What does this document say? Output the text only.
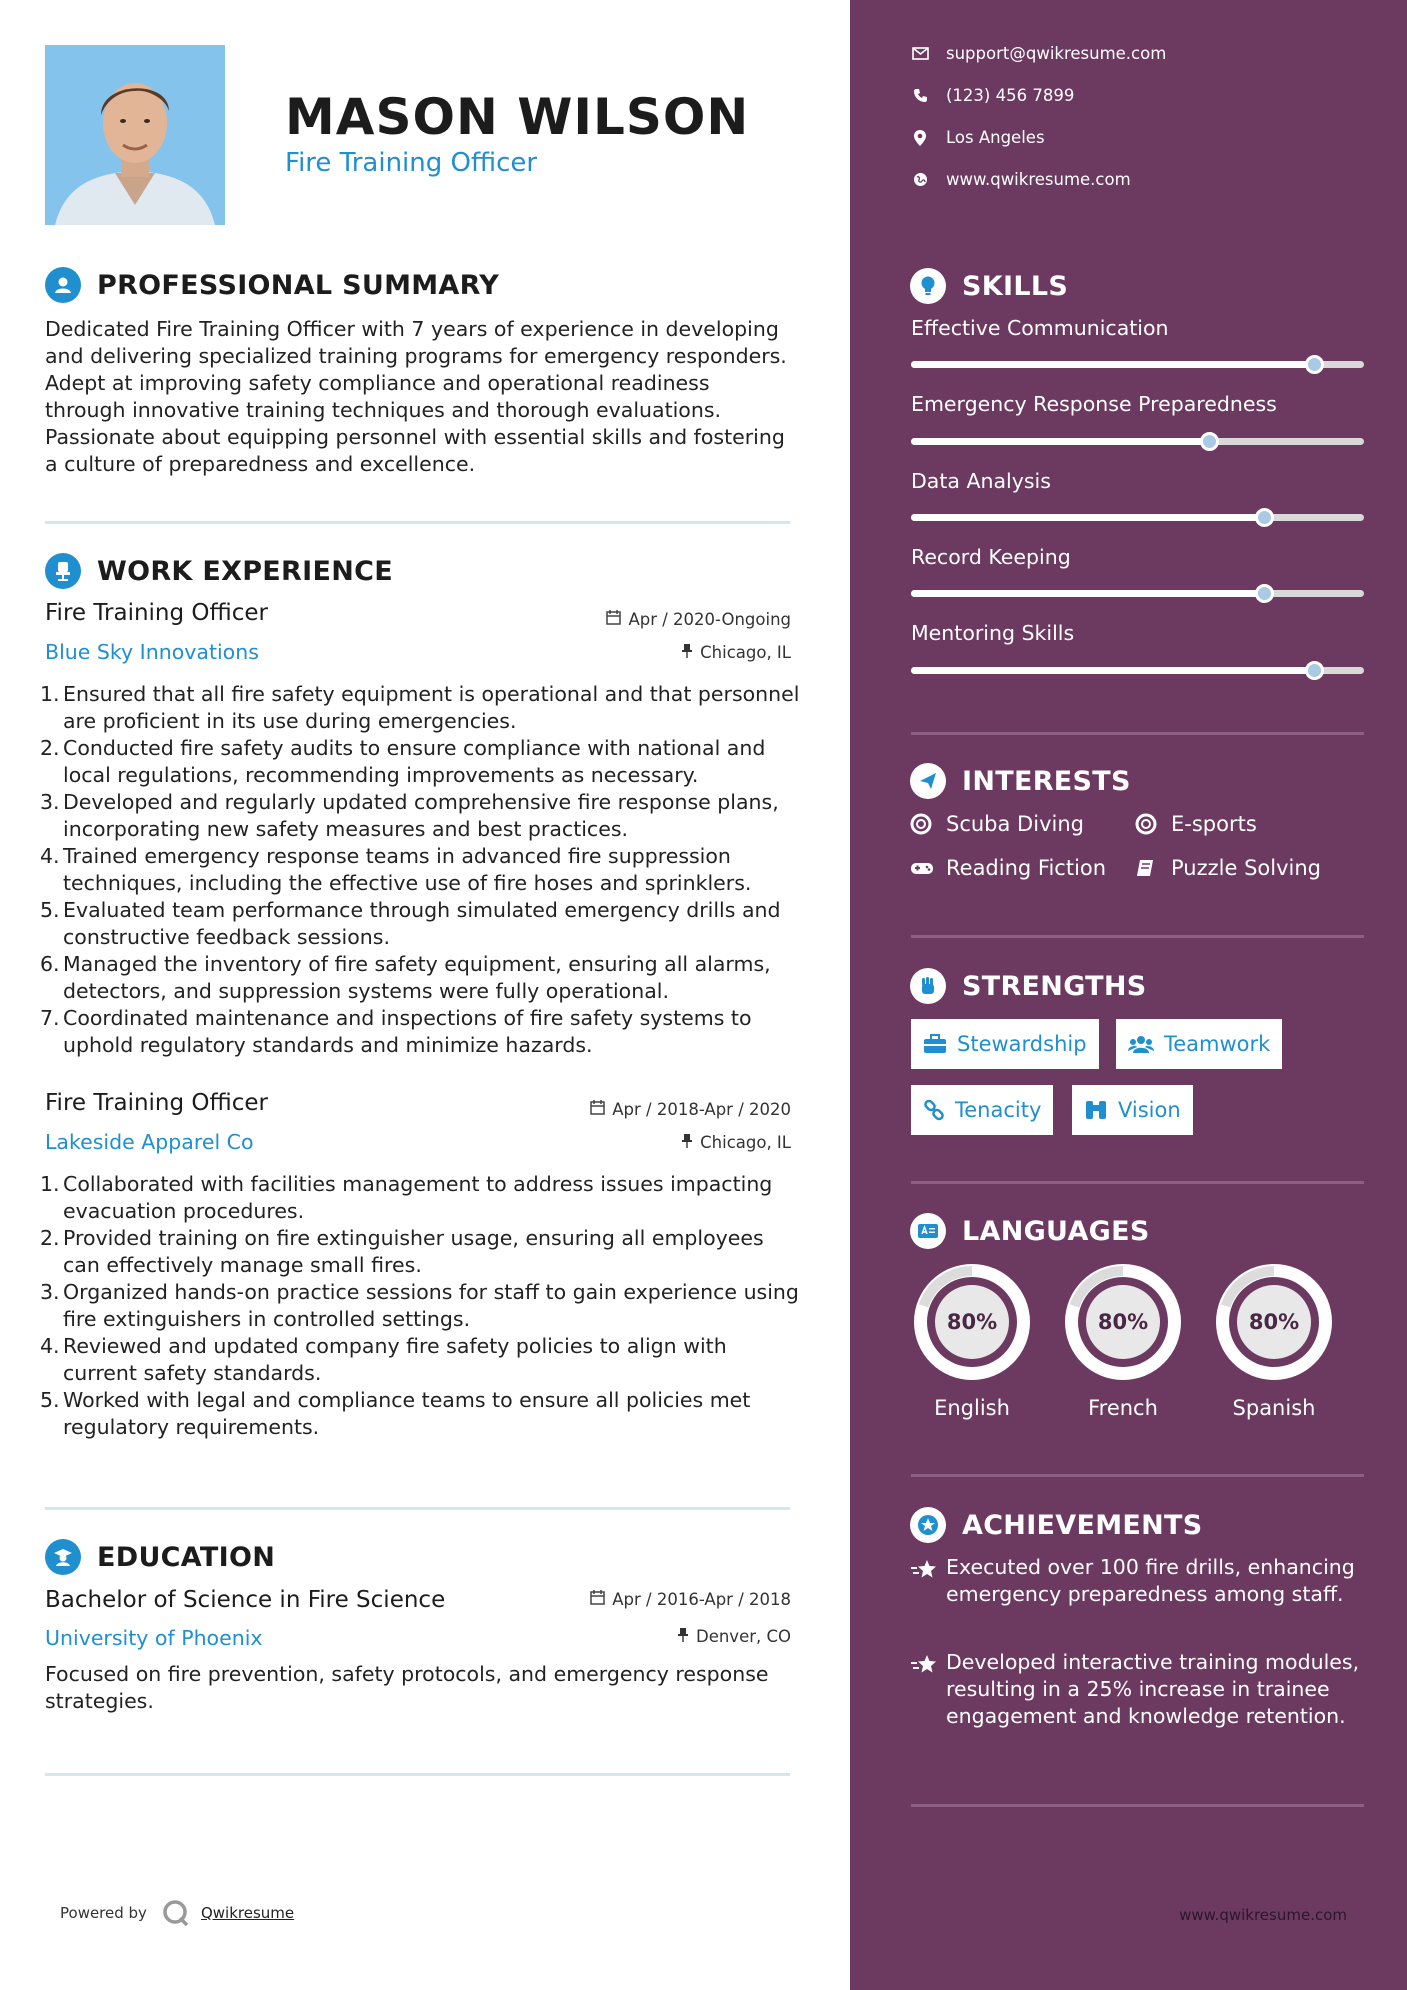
MASON WILSON
Fire Training Officer
PROFESSIONAL SUMMARY
Dedicated Fire Training Officer with 7 years of experience in developing and delivering specialized training programs for emergency responders. Adept at improving safety compliance and operational readiness through innovative training techniques and thorough evaluations. Passionate about equipping personnel with essential skills and fostering a culture of preparedness and excellence.
WORK EXPERIENCE
Fire Training Officer	Apr / 2020-Ongoing
Blue Sky Innovations	Chicago, IL
1. Ensured that all fire safety equipment is operational and that personnel are proficient in its use during emergencies.
2. Conducted fire safety audits to ensure compliance with national and local regulations, recommending improvements as necessary.
3. Developed and regularly updated comprehensive fire response plans, incorporating new safety measures and best practices.
4. Trained emergency response teams in advanced fire suppression techniques, including the effective use of fire hoses and sprinklers.
5. Evaluated team performance through simulated emergency drills and constructive feedback sessions.
6. Managed the inventory of fire safety equipment, ensuring all alarms, detectors, and suppression systems were fully operational.
7. Coordinated maintenance and inspections of fire safety systems to uphold regulatory standards and minimize hazards.
Fire Training Officer	Apr / 2018-Apr / 2020
Lakeside Apparel Co	Chicago, IL
1. Collaborated with facilities management to address issues impacting evacuation procedures.
2. Provided training on fire extinguisher usage, ensuring all employees can effectively manage small fires.
3. Organized hands-on practice sessions for staff to gain experience using fire extinguishers in controlled settings.
4. Reviewed and updated company fire safety policies to align with current safety standards.
5. Worked with legal and compliance teams to ensure all policies met regulatory requirements.
EDUCATION
Bachelor of Science in Fire Science	Apr / 2016-Apr / 2018
University of Phoenix	Denver, CO
Focused on fire prevention, safety protocols, and emergency response strategies.
Powered by	Qwikresume
support@qwikresume.com
(123) 456 7899
Los Angeles
www.qwikresume.com
SKILLS
Effective Communication
Emergency Response Preparedness
Data Analysis
Record Keeping
Mentoring Skills
INTERESTS
Scuba Diving	E-sports
Reading Fiction	Puzzle Solving
STRENGTHS
Stewardship	Teamwork
Tenacity	Vision
LANGUAGES
80%
English
80%
French
80%
Spanish
ACHIEVEMENTS
Executed over 100 fire drills, enhancing emergency preparedness among staff.
Developed interactive training modules, resulting in a 25% increase in trainee engagement and knowledge retention.
www.qwikresume.com
